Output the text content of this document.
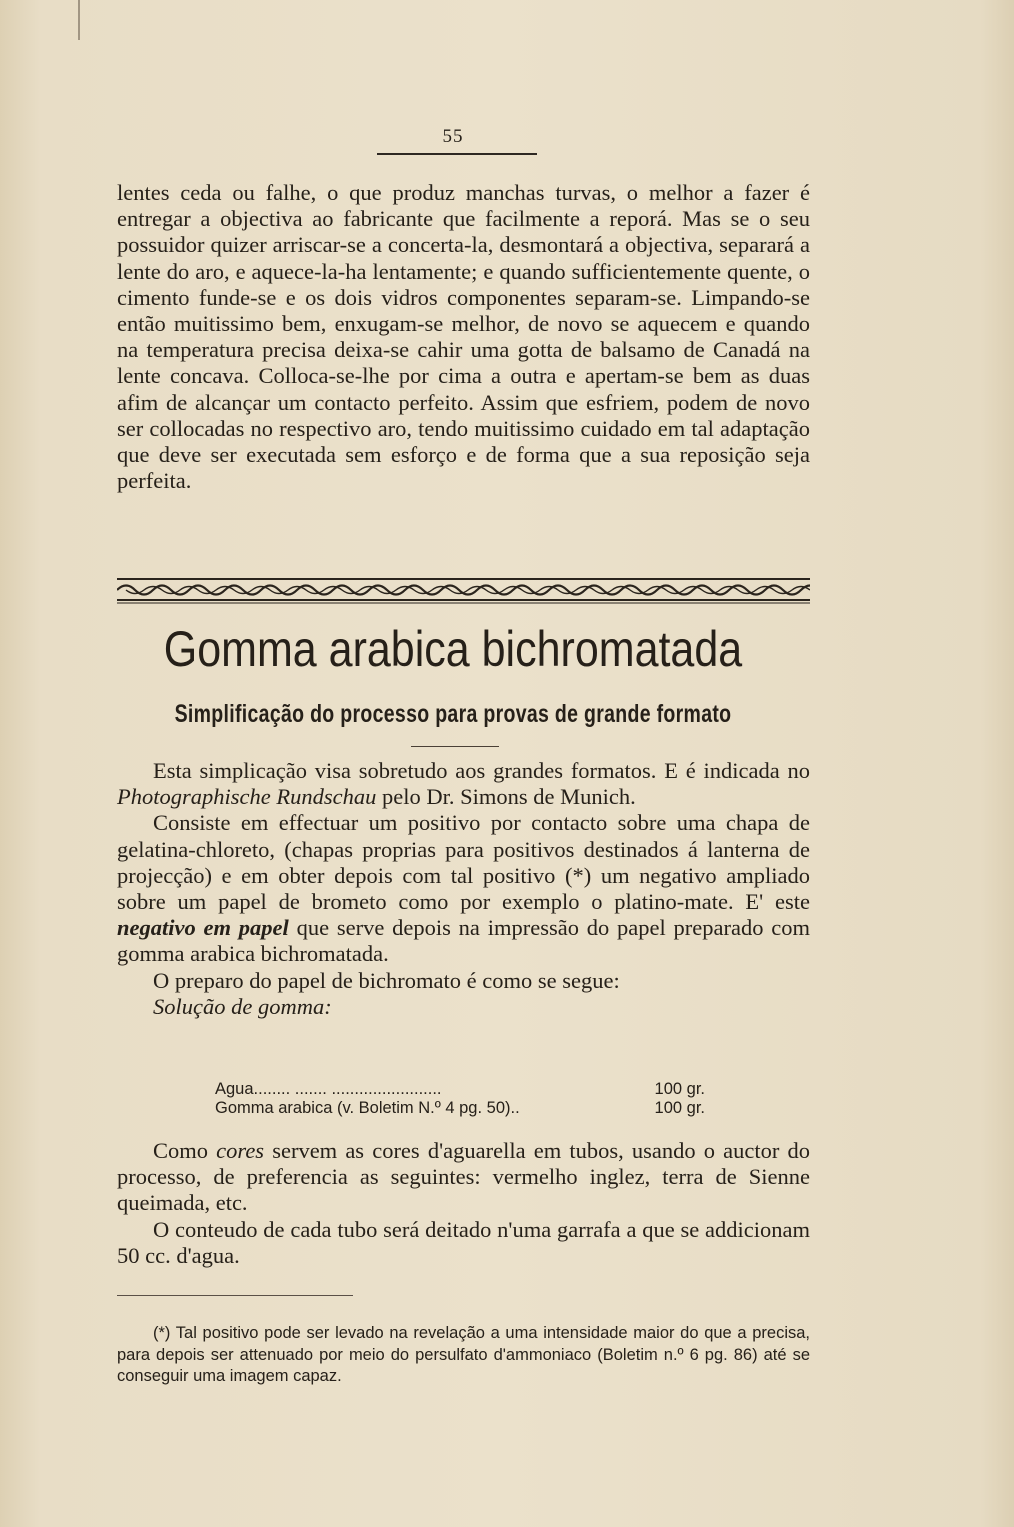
55

lentes ceda ou falhe, o que produz manchas turvas, o melhor a fazer é entregar a objectiva ao fabricante que facilmente a reporá. Mas se o seu possuidor quizer arriscar-se a concerta-la, desmontará a objectiva, separará a lente do aro, e aquece-la-ha lentamente; e quando sufficientemente quente, o cimento funde-se e os dois vidros componentes separam-se. Limpando-se então muitissimo bem, enxugam-se melhor, de novo se aquecem e quando na temperatura precisa deixa-se cahir uma gotta de balsamo de Canadá na lente concava. Colloca-se-lhe por cima a outra e apertam-se bem as duas afim de alcançar um contacto perfeito. Assim que esfriem, podem de novo ser collocadas no respectivo aro, tendo muitissimo cuidado em tal adaptação que deve ser executada sem esforço e de forma que a sua reposição seja perfeita.

Gomma arabica bichromatada
Simplificação do processo para provas de grande formato

Esta simplicação visa sobretudo aos grandes formatos. E é indicada no Photographische Rundschau pelo Dr. Simons de Munich.

Consiste em effectuar um positivo por contacto sobre uma chapa de gelatina-chloreto, (chapas proprias para positivos destinados á lanterna de projecção) e em obter depois com tal positivo (*) um negativo ampliado sobre um papel de brometo como por exemplo o platino-mate. E' este negativo em papel que serve depois na impressão do papel preparado com gomma arabica bichromatada.

O preparo do papel de bichromato é como se segue:

Solução de gomma:

Agua........ ....... ........................	100 gr.
Gomma arabica (v. Boletim N.º 4 pg. 50)..	100 gr.

Como cores servem as cores d'aguarella em tubos, usando o auctor do processo, de preferencia as seguintes: vermelho inglez, terra de Sienne queimada, etc.

O conteudo de cada tubo será deitado n'uma garrafa a que se addicionam 50 cc. d'agua.

(*) Tal positivo pode ser levado na revelação a uma intensidade maior do que a precisa, para depois ser attenuado por meio do persulfato d'ammoniaco (Boletim n.º 6 pg. 86) até se conseguir uma imagem capaz.
